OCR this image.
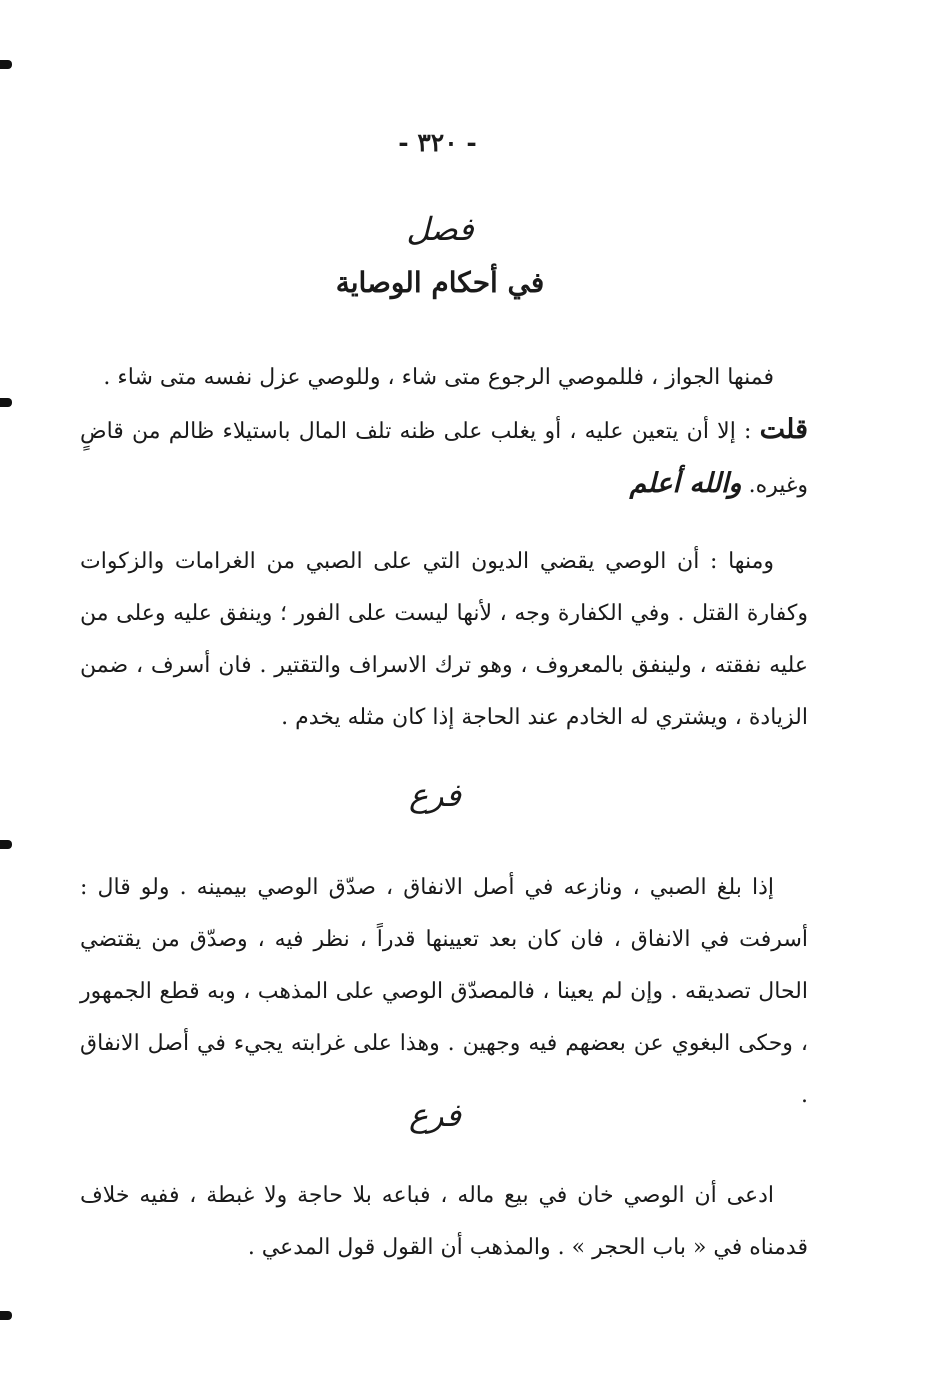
- ٣٢٠ -
فصل
في أحكام الوصاية

فمنها الجواز ، فللموصي الرجوع متى شاء ، وللوصي عزل نفسه متى شاء .
قلت : إلا أن يتعين عليه ، أو يغلب على ظنه تلف المال باستيلاء ظالم من قاضٍ وغيره. والله أعلم

ومنها : أن الوصي يقضي الديون التي على الصبي من الغرامات والزكوات وكفارة القتل . وفي الكفارة وجه ، لأنها ليست على الفور ؛ وينفق عليه وعلى من عليه نفقته ، ولينفق بالمعروف ، وهو ترك الاسراف والتقتير . فان أسرف ، ضمن الزيادة ، ويشتري له الخادم عند الحاجة إذا كان مثله يخدم .

فرع

إذا بلغ الصبي ، ونازعه في أصل الانفاق ، صدّق الوصي بيمينه . ولو قال : أسرفت في الانفاق ، فان كان بعد تعيينها قدراً ، نظر فيه ، وصدّق من يقتضي الحال تصديقه . وإن لم يعينا ، فالمصدّق الوصي على المذهب ، وبه قطع الجمهور ، وحكى البغوي عن بعضهم فيه وجهين . وهذا على غرابته يجيء في أصل الانفاق .

فرع

ادعى أن الوصي خان في بيع ماله ، فباعه بلا حاجة ولا غبطة ، ففيه خلاف قدمناه في « باب الحجر » . والمذهب أن القول قول المدعي .
